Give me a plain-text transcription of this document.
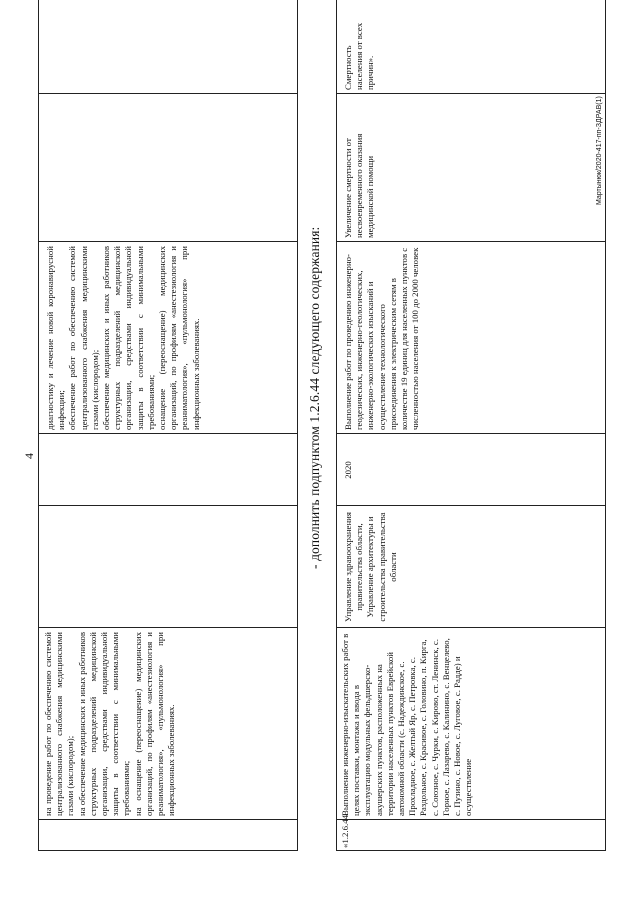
4
на проведение работ по обеспечению системой централизованного снабжения медицинскими газами (кислородом);
на обеспечение медицинских и иных работников структурных подразделений медицинской организации, средствами индивидуальной защиты в соответствии с минимальными требованиями;
на оснащение (переоснащение) медицинских организаций, по профилям «анестезиология и реаниматология», «пульмонология» при инфекционных заболеваниях.
диагностику и лечение новой коронавирусной инфекции;
обеспечение работ по обеспечению системой централизованного снабжения медицинскими газами (кислородом);
обеспечение медицинских и иных работников структурных подразделений медицинской организации, средствами индивидуальной защиты в соответствии с минимальными требованиями;
оснащение (переоснащение) медицинских организаций, по профилям «анестезиология и реаниматология», «пульмонология» при инфекционных заболеваниях.	- дополнить подпунктом 1.2.6.44 следующего содержания:
«1.2.6.44
Выполнение инженерно-изыскательских работ в целях поставки, монтажа и ввода в эксплуатацию модульных фельдшерско-акушерских пунктов, расположенных на территории населенных пунктов Еврейской автономной области (с. Надеждинское, с. Прохладное, с. Желтый Яр, с. Петровка, с. Раздольное, с. Красивое, с. Головино, п. Кирга, с. Союзное, с. Чурки, с. Кирово, ст. Ленинск, с. Горное, с. Лазарево, с. Калинино, с. Венцелево, с. Пузино, с. Новое, с. Луговое, с. Радде) и осуществление
Управление здравоохранения правительства области, Управление архитектуры и строительства правительства области
2020
Выполнение работ по проведению инженерно-геодезических, инженерно-геологических, инженерно-экологических изысканий и осуществление технологического присоединения к электрическим сетям в количестве 19 единиц для населенных пунктов с численностью населения от 100 до 2000 человек
Увеличение смертности от несвоевременного оказания медицинской помощи
Смертность населения от всех причин».
Мартынюк/2020-417-пп-ЗДРАВ(1)
